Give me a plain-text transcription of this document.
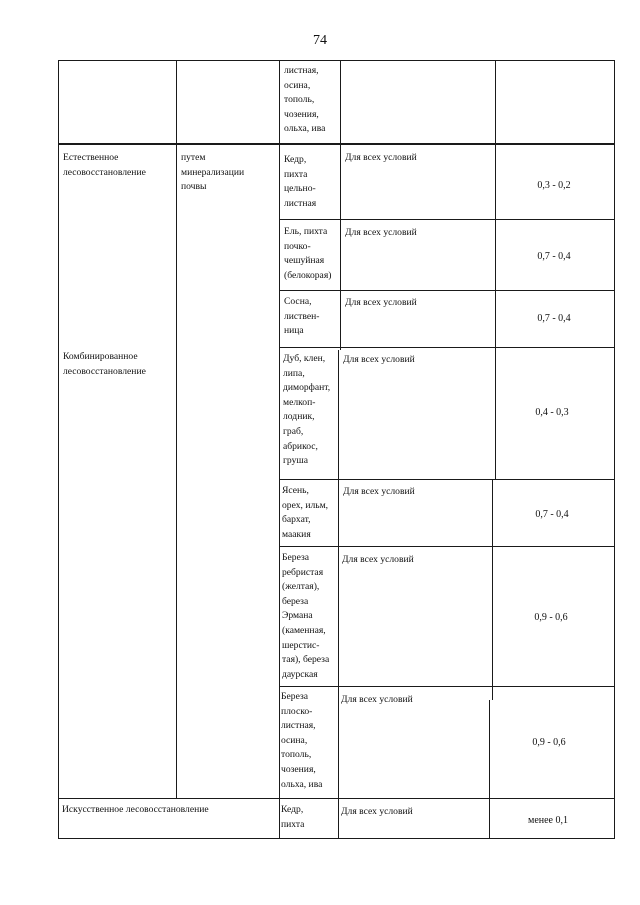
74
листная,
осина,
тополь,
чозения,
ольха, ива
Естественное
лесовосстановление
путем
минерализации
почвы
Комбинированное
лесовосстановление
Кедр,
пихта
цельно-
листная
Для всех условий
0,3 - 0,2
Ель, пихта
почко-
чешуйная
(белокорая)
Для всех условий
0,7 - 0,4
Сосна,
листвен-
ница
Для всех условий
0,7 - 0,4
Дуб, клен,
липа,
диморфант,
мелкоп-
лодник,
граб,
абрикос,
груша
Для всех условий
0,4 - 0,3
Ясень,
орех, ильм,
бархат,
маакия
Для всех условий
0,7 - 0,4
Береза
ребристая
(желтая),
береза
Эрмана
(каменная,
шерстис-
тая), береза
даурская
Для всех условий
0,9 - 0,6
Береза
плоско-
листная,
осина,
тополь,
чозения,
ольха, ива
Для всех условий
0,9 - 0,6
Искусственное лесовосстановление	Кедр,
пихта
Для всех условий
менее 0,1
